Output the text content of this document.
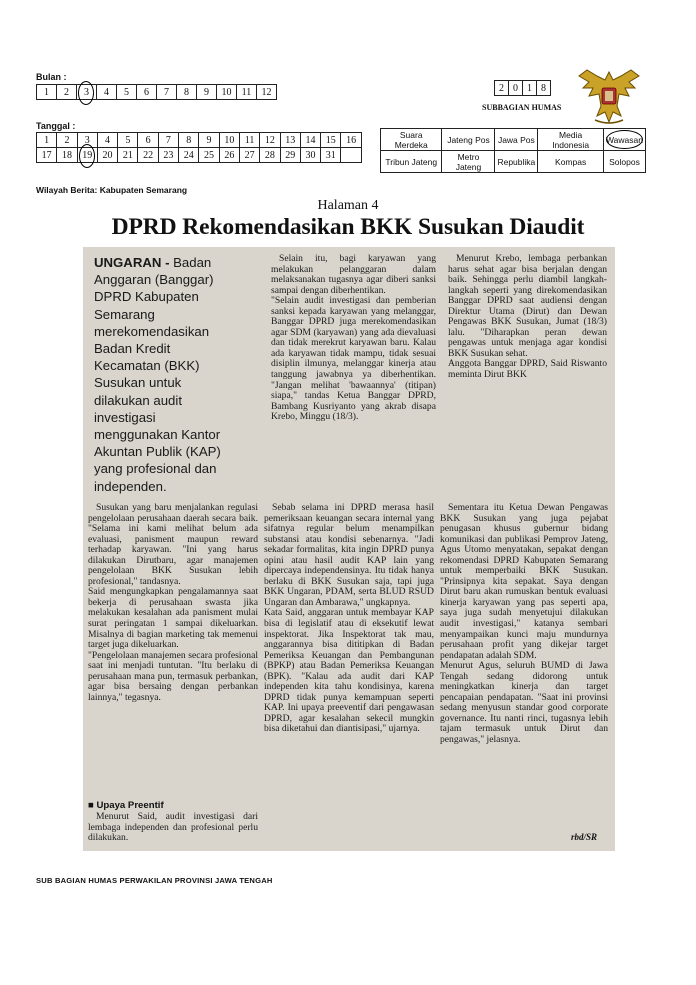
Bulan :
1	2	3	4	5	6	7	8	9	10	11	12
Tanggal :
1	2	3	4	5	6	7	8	9	10	11	12	13	14	15	16
17	18	19	20	21	22	23	24	25	26	27	28	29	30	31	
2	0	1	8
SUBBAGIAN HUMAS
Suara Merdeka	Jateng Pos	Jawa Pos	Media Indonesia	Wawasan

Tribun Jateng	Metro Jateng	Republika	Kompas	Solopos
Wilayah Berita: Kabupaten Semarang
Halaman 4
DPRD Rekomendasikan BKK Susukan Diaudit
UNGARAN - Badan
Anggaran (Banggar)
DPRD Kabupaten
Semarang
merekomendasikan
Badan Kredit
Kecamatan (BKK)
Susukan untuk
dilakukan audit
investigasi
menggunakan Kantor
Akuntan Publik (KAP)
yang profesional dan
independen.
Selain itu, bagi karyawan yang melakukan pelanggaran dalam melaksanakan tugasnya agar diberi sanksi sampai dengan diberhentikan.
"Selain audit investigasi dan pemberian sanksi kepada karyawan yang melanggar, Banggar DPRD juga merekomendasikan agar SDM (karyawan) yang ada dievaluasi dan tidak merekrut karyawan baru. Kalau ada karyawan tidak mampu, tidak sesuai disiplin ilmunya, melanggar kinerja atau tanggung jawabnya ya diberhentikan. "Jangan melihat 'bawaannya' (titipan) siapa," tandas Ketua Banggar DPRD, Bambang Kusriyanto yang akrab disapa Krebo, Minggu (18/3).
Menurut Krebo, lembaga perbankan harus sehat agar bisa berjalan dengan baik. Sehingga perlu diambil langkah-langkah seperti yang direkomendasikan Banggar DPRD saat audiensi dengan Direktur Utama (Dirut) dan Dewan Pengawas BKK Susukan, Jumat (18/3) lalu. "Diharapkan peran dewan pengawas untuk menjaga agar kondisi BKK Susukan sehat.
Anggota Banggar DPRD, Said Riswanto meminta Dirut BKK
Susukan yang baru menjalankan regulasi pengelolaan perusahaan daerah secara baik. "Selama ini kami melihat belum ada evaluasi, panisment maupun reward terhadap karyawan. "Ini yang harus dilakukan Dirutbaru, agar manajemen pengelolaan BKK Susukan lebih profesional," tandasnya.
Said mengungkapkan pengalamannya saat bekerja di perusahaan swasta jika melakukan kesalahan ada panisment mulai surat peringatan 1 sampai dikeluarkan. Misalnya di bagian marketing tak memenui target juga dikeluarkan.
"Pengelolaan manajemen secara profesional saat ini menjadi tuntutan. "Itu berlaku di perusahaan mana pun, termasuk perbankan, agar bisa bersaing dengan perbankan lainnya," tegasnya.
■ Upaya Preentif
Menurut Said, audit investigasi dari lembaga independen dan profesional perlu dilakukan.
Sebab selama ini DPRD merasa hasil pemeriksaan keuangan secara internal yang sifatnya regular belum menampilkan substansi atau kondisi sebenarnya. "Jadi sekadar formalitas, kita ingin DPRD punya opini atau hasil audit KAP lain yang dipercaya independensinya. Itu tidak hanya berlaku di BKK Susukan saja, tapi juga BKK Ungaran, PDAM, serta BLUD RSUD Ungaran dan Ambarawa," ungkapnya.
Kata Said, anggaran untuk membayar KAP bisa di legislatif atau di eksekutif lewat inspektorat. Jika Inspektorat tak mau, anggarannya bisa dititipkan di Badan Pemeriksa Keuangan dan Pembangunan (BPKP) atau Badan Pemeriksa Keuangan (BPK). "Kalau ada audit dari KAP independen kita tahu kondisinya, karena DPRD tidak punya kemampuan seperti KAP. Ini upaya preeventif dari pengawasan DPRD, agar kesalahan sekecil mungkin bisa diketahui dan diantisipasi," ujarnya.
Sementara itu Ketua Dewan Pengawas BKK Susukan yang juga pejabat penugasan khusus gubernur bidang komunikasi dan publikasi Pemprov Jateng, Agus Utomo menyatakan, sepakat dengan rekomendasi DPRD Kabupaten Semarang untuk memperbaiki BKK Susukan. "Prinsipnya kita sepakat. Saya dengan Dirut baru akan rumuskan bentuk evaluasi kinerja karyawan yang pas seperti apa, saya juga sudah menyetujui dilakukan audit investigasi," katanya sembari menyampaikan kunci maju mundurnya perusahaan profit yang dikejar target pendapatan adalah SDM.
Menurut Agus, seluruh BUMD di Jawa Tengah sedang didorong untuk meningkatkan kinerja dan target pencapaian pendapatan. "Saat ini provinsi sedang menyusun standar good corporate governance. Itu nanti rinci, tugasnya lebih tajam termasuk untuk Dirut dan pengawas," jelasnya.
rbd/SR
SUB BAGIAN HUMAS PERWAKILAN PROVINSI JAWA TENGAH
